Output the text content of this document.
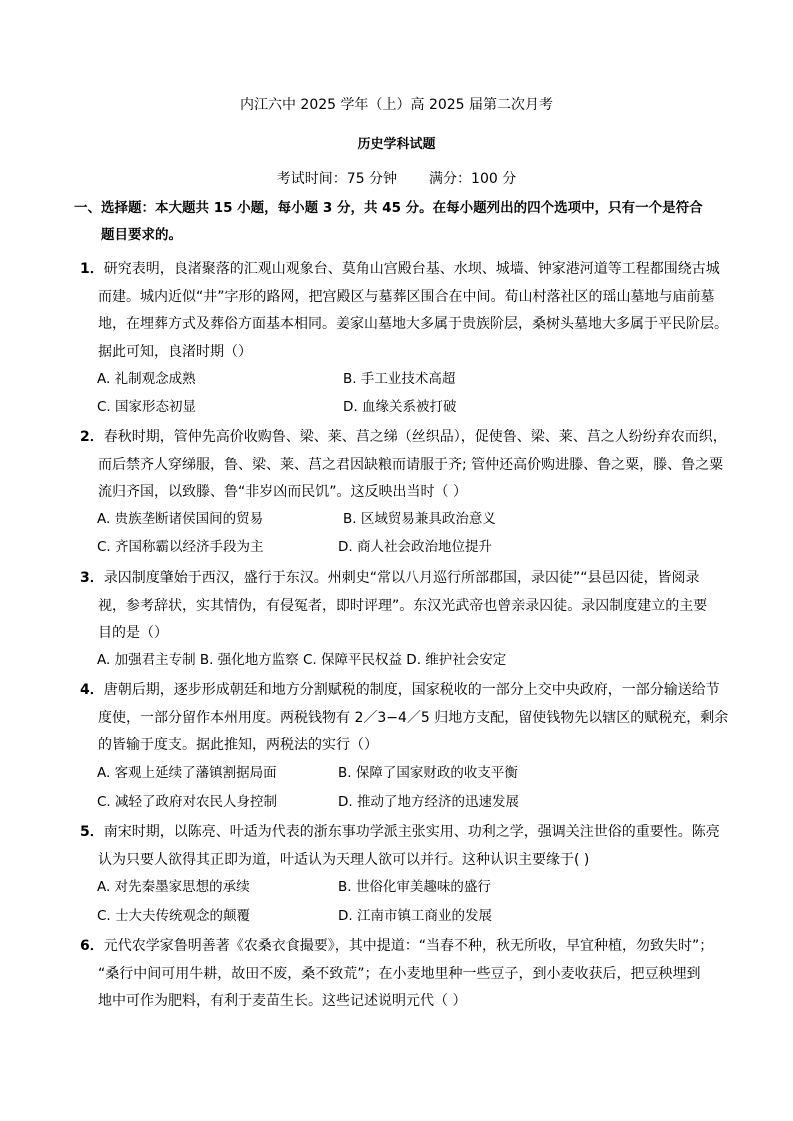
内江六中 2025 学年（上）高 2025 届第二次月考
历史学科试题
考试时间：75 分钟 满分：100 分
一、选择题：本大题共 15 小题，每小题 3 分，共 45 分。在每小题列出的四个选项中，只有一个是符合
题目要求的。
1．研究表明，良渚聚落的汇观山观象台、莫角山宫殿台基、水坝、城墙、钟家港河道等工程都围绕古城
而建。城内近似“井”字形的路网，把宫殿区与墓葬区围合在中间。荀山村落社区的瑶山墓地与庙前墓
地，在埋葬方式及葬俗方面基本相同。姜家山墓地大多属于贵族阶层，桑树头墓地大多属于平民阶层。
据此可知，良渚时期（）
A. 礼制观念成熟	B. 手工业技术高超
C. 国家形态初显	D. 血缘关系被打破
2．春秋时期，管仲先高价收购鲁、梁、莱、莒之绨（丝织品），促使鲁、梁、莱、莒之人纷纷弃农而织，
而后禁齐人穿绨服，鲁、梁、莱、莒之君因缺粮而请服于齐; 管仲还高价购进滕、鲁之粟，滕、鲁之粟
流归齐国，以致滕、鲁“非岁凶而民饥”。这反映出当时（ ）
A. 贵族垄断诸侯国间的贸易	B. 区域贸易兼具政治意义
C. 齐国称霸以经济手段为主	D. 商人社会政治地位提升
3．录囚制度肇始于西汉，盛行于东汉。州刺史“常以八月巡行所部郡国，录囚徒”“县邑囚徒，皆阅录
视，参考辞状，实其情伪，有侵冤者，即时评理”。东汉光武帝也曾亲录囚徒。录囚制度建立的主要
目的是（）
A. 加强君主专制 B. 强化地方监察 C. 保障平民权益 D. 维护社会安定
4．唐朝后期，逐步形成朝廷和地方分割赋税的制度，国家税收的一部分上交中央政府，一部分输送给节
度使，一部分留作本州用度。两税钱物有 2／3−4／5 归地方支配，留使钱物先以辖区的赋税充，剩余
的皆输于度支。据此推知，两税法的实行（）
A. 客观上延续了藩镇割据局面	B. 保障了国家财政的收支平衡
C. 减轻了政府对农民人身控制	D. 推动了地方经济的迅速发展
5．南宋时期，以陈亮、叶适为代表的浙东事功学派主张实用、功利之学，强调关注世俗的重要性。陈亮
认为只要人欲得其正即为道，叶适认为天理人欲可以并行。这种认识主要缘于( )
A. 对先秦墨家思想的承续	B. 世俗化审美趣味的盛行
C. 士大夫传统观念的颠覆	D. 江南市镇工商业的发展
6．元代农学家鲁明善著《农桑衣食撮要》，其中提道：“当春不种，秋无所收，早宜种植，勿致失时”；
“桑行中间可用牛耕，故田不废，桑不致荒”；在小麦地里种一些豆子，到小麦收获后，把豆秧埋到
地中可作为肥料，有利于麦苗生长。这些记述说明元代（ ）
